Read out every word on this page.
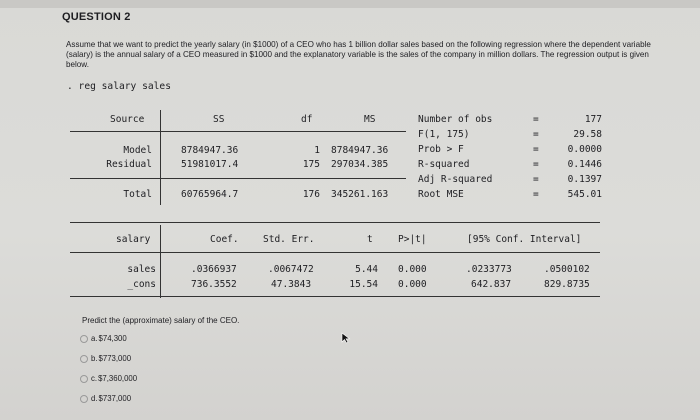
QUESTION 2
Assume that we want to predict the yearly salary (in $1000) of a CEO who has 1 billion dollar sales based on the following regression where the dependent variable (salary) is the annual salary of a CEO measured in $1000 and the explanatory variable is the sales of the company in million dollars. The regression output is given below.
. reg salary sales
Source	SS	df	MS
Model	8784947.36	1 8784947.36
Residual	51981017.4	175 297034.385
Total	60765964.7	176 345261.163
Number of obs	=	177
F(1, 175)	=	29.58
Prob > F	=	0.0000
R-squared	=	0.1446
Adj R-squared	=	0.1397
Root MSE	=	545.01
salary	Coef.	Std. Err.	t	P>|t|	[95% Conf. Interval]
sales	.0366937	.0067472	5.44 0.000	.0233773	.0500102
_cons	736.3552	47.3843	15.54 0.000	642.837	829.8735
Predict the (approximate) salary of the CEO.
a. $74,300
b. $773,000
c. $7,360,000
d. $737,000
